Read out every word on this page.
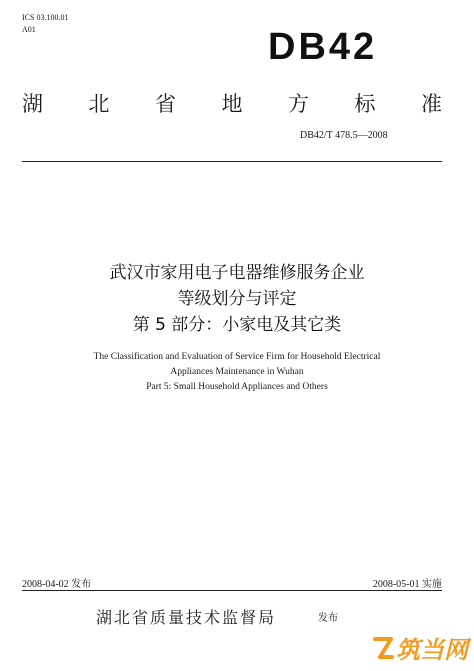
ICS 03.100.01
A01	DB42
湖 北 省 地 方 标 准
DB42/T 478.5—2008
武汉市家用电子电器维修服务企业
等级划分与评定
第 5 部分：小家电及其它类
The Classification and Evaluation of Service Firm for Household Electrical
Appliances Maintenance in Wuhan
Part 5: Small Household Appliances and Others
2008-04-02 发布	2008-05-01 实施
湖北省质量技术监督局	发布
筑当网
